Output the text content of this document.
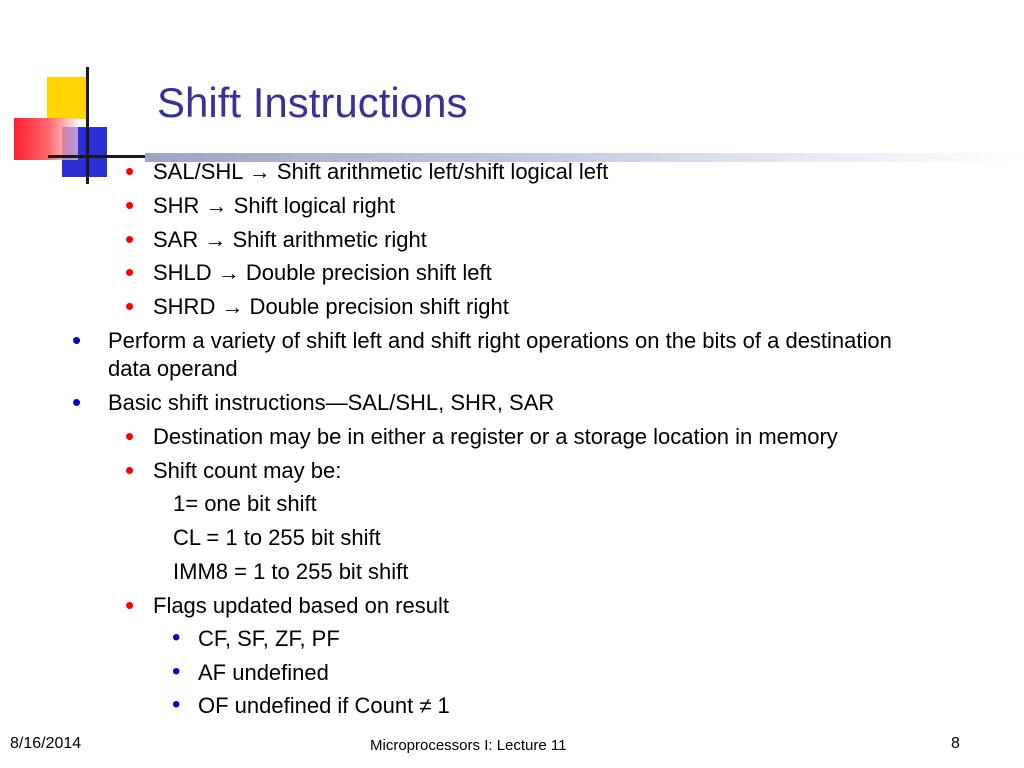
Shift Instructions
• SAL/SHL → Shift arithmetic left/shift logical left
• SHR → Shift logical right
• SAR → Shift arithmetic right
• SHLD → Double precision shift left
• SHRD → Double precision shift right
• Perform a variety of shift left and shift right operations on the bits of a destination data operand
• Basic shift instructions—SAL/SHL, SHR, SAR
• Destination may be in either a register or a storage location in memory
• Shift count may be:
1= one bit shift
CL = 1 to 255 bit shift
IMM8 = 1 to 255 bit shift
• Flags updated based on result
• CF, SF, ZF, PF
• AF undefined
• OF undefined if Count ≠ 1
8/16/2014	Microprocessors I: Lecture 11	8
